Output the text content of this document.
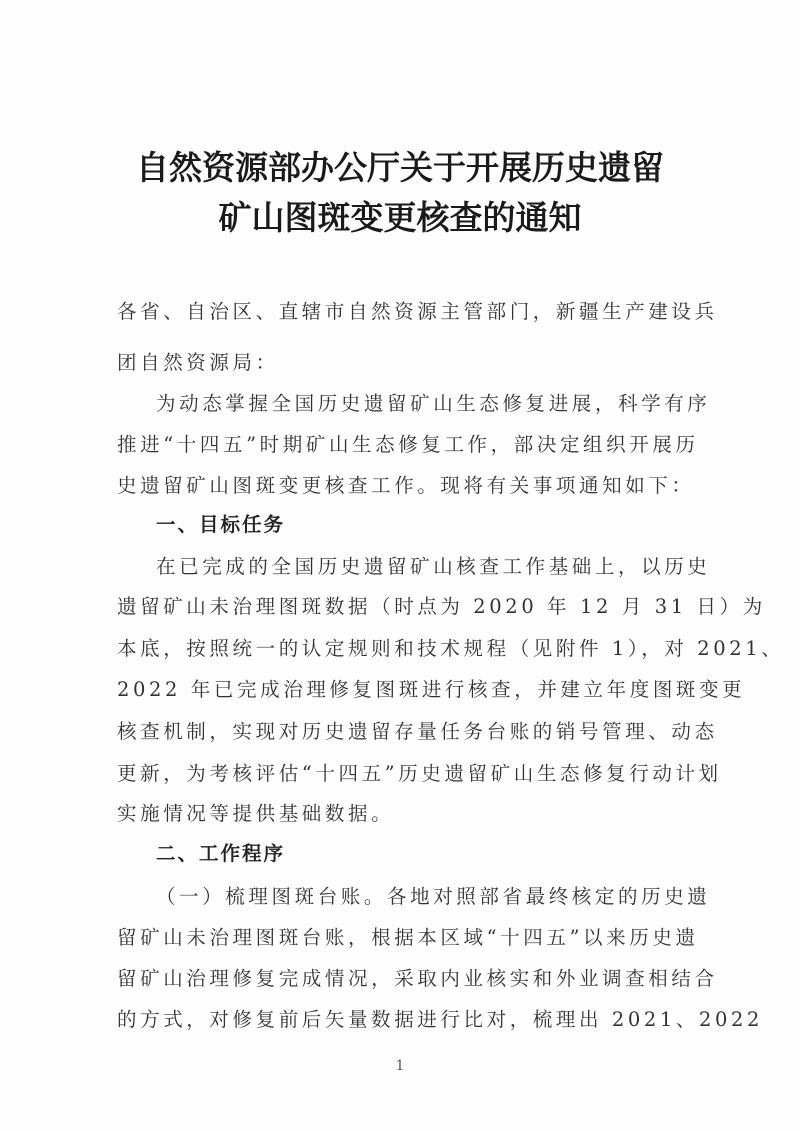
自然资源部办公厅关于开展历史遗留
矿山图斑变更核查的通知
各省、自治区、直辖市自然资源主管部门，新疆生产建设兵
团自然资源局：
为动态掌握全国历史遗留矿山生态修复进展，科学有序
推进“十四五”时期矿山生态修复工作，部决定组织开展历
史遗留矿山图斑变更核查工作。现将有关事项通知如下：
一、目标任务
在已完成的全国历史遗留矿山核查工作基础上，以历史
遗留矿山未治理图斑数据（时点为 2020 年 12 月 31 日）为
本底，按照统一的认定规则和技术规程（见附件 1），对 2021、
2022 年已完成治理修复图斑进行核查，并建立年度图斑变更
核查机制，实现对历史遗留存量任务台账的销号管理、动态
更新，为考核评估“十四五”历史遗留矿山生态修复行动计划
实施情况等提供基础数据。
二、工作程序
（一）梳理图斑台账。各地对照部省最终核定的历史遗
留矿山未治理图斑台账，根据本区域“十四五”以来历史遗
留矿山治理修复完成情况，采取内业核实和外业调查相结合
的方式，对修复前后矢量数据进行比对，梳理出 2021、2022
1
